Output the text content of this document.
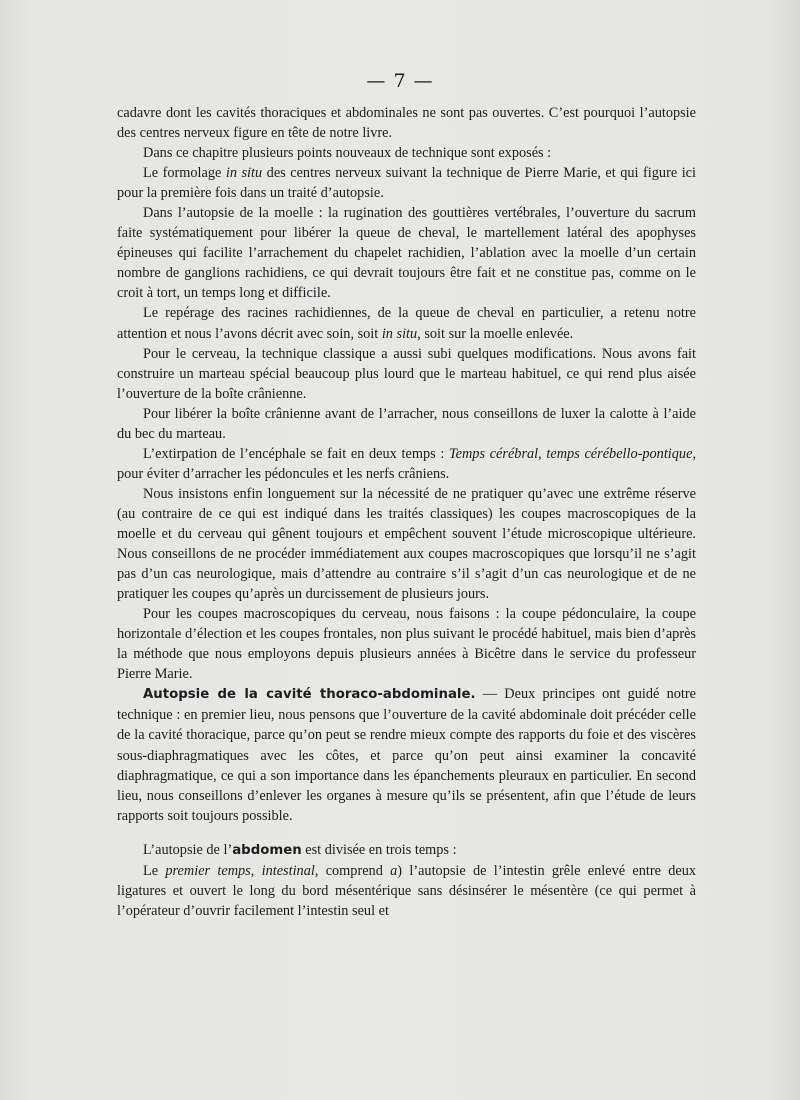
— 7 —

cadavre dont les cavités thoraciques et abdominales ne sont pas ouvertes. C’est pourquoi l’autopsie des centres nerveux figure en tête de notre livre.

Dans ce chapitre plusieurs points nouveaux de technique sont exposés :

Le formolage in situ des centres nerveux suivant la technique de Pierre Marie, et qui figure ici pour la première fois dans un traité d’autopsie.

Dans l’autopsie de la moelle : la rugination des gouttières vertébrales, l’ouverture du sacrum faite systématiquement pour libérer la queue de cheval, le martellement latéral des apophyses épineuses qui facilite l’arrachement du chapelet rachidien, l’ablation avec la moelle d’un certain nombre de ganglions rachidiens, ce qui devrait toujours être fait et ne constitue pas, comme on le croit à tort, un temps long et difficile.

Le repérage des racines rachidiennes, de la queue de cheval en particulier, a retenu notre attention et nous l’avons décrit avec soin, soit in situ, soit sur la moelle enlevée.

Pour le cerveau, la technique classique a aussi subi quelques modifications. Nous avons fait construire un marteau spécial beaucoup plus lourd que le marteau habituel, ce qui rend plus aisée l’ouverture de la boîte crânienne.

Pour libérer la boîte crânienne avant de l’arracher, nous conseillons de luxer la calotte à l’aide du bec du marteau.

L’extirpation de l’encéphale se fait en deux temps : Temps cérébral, temps cérébello-pontique, pour éviter d’arracher les pédoncules et les nerfs crâniens.

Nous insistons enfin longuement sur la nécessité de ne pratiquer qu’avec une extrême réserve (au contraire de ce qui est indiqué dans les traités classiques) les coupes macroscopiques de la moelle et du cerveau qui gênent toujours et empêchent souvent l’étude microscopique ultérieure. Nous conseillons de ne procéder immédiatement aux coupes macroscopiques que lorsqu’il ne s’agit pas d’un cas neurologique, mais d’attendre au contraire s’il s’agit d’un cas neurologique et de ne pratiquer les coupes qu’après un durcissement de plusieurs jours.

Pour les coupes macroscopiques du cerveau, nous faisons : la coupe pédonculaire, la coupe horizontale d’élection et les coupes frontales, non plus suivant le procédé habituel, mais bien d’après la méthode que nous employons depuis plusieurs années à Bicêtre dans le service du professeur Pierre Marie.

Autopsie de la cavité thoraco-abdominale. — Deux principes ont guidé notre technique : en premier lieu, nous pensons que l’ouverture de la cavité abdominale doit précéder celle de la cavité thoracique, parce qu’on peut se rendre mieux compte des rapports du foie et des viscères sous-diaphragmatiques avec les côtes, et parce qu’on peut ainsi examiner la concavité diaphragmatique, ce qui a son importance dans les épanchements pleuraux en particulier. En second lieu, nous conseillons d’enlever les organes à mesure qu’ils se présentent, afin que l’étude de leurs rapports soit toujours possible.

L’autopsie de l’abdomen est divisée en trois temps :

Le premier temps, intestinal, comprend a) l’autopsie de l’intestin grêle enlevé entre deux ligatures et ouvert le long du bord mésentérique sans désinsérer le mésentère (ce qui permet à l’opérateur d’ouvrir facilement l’intestin seul et
